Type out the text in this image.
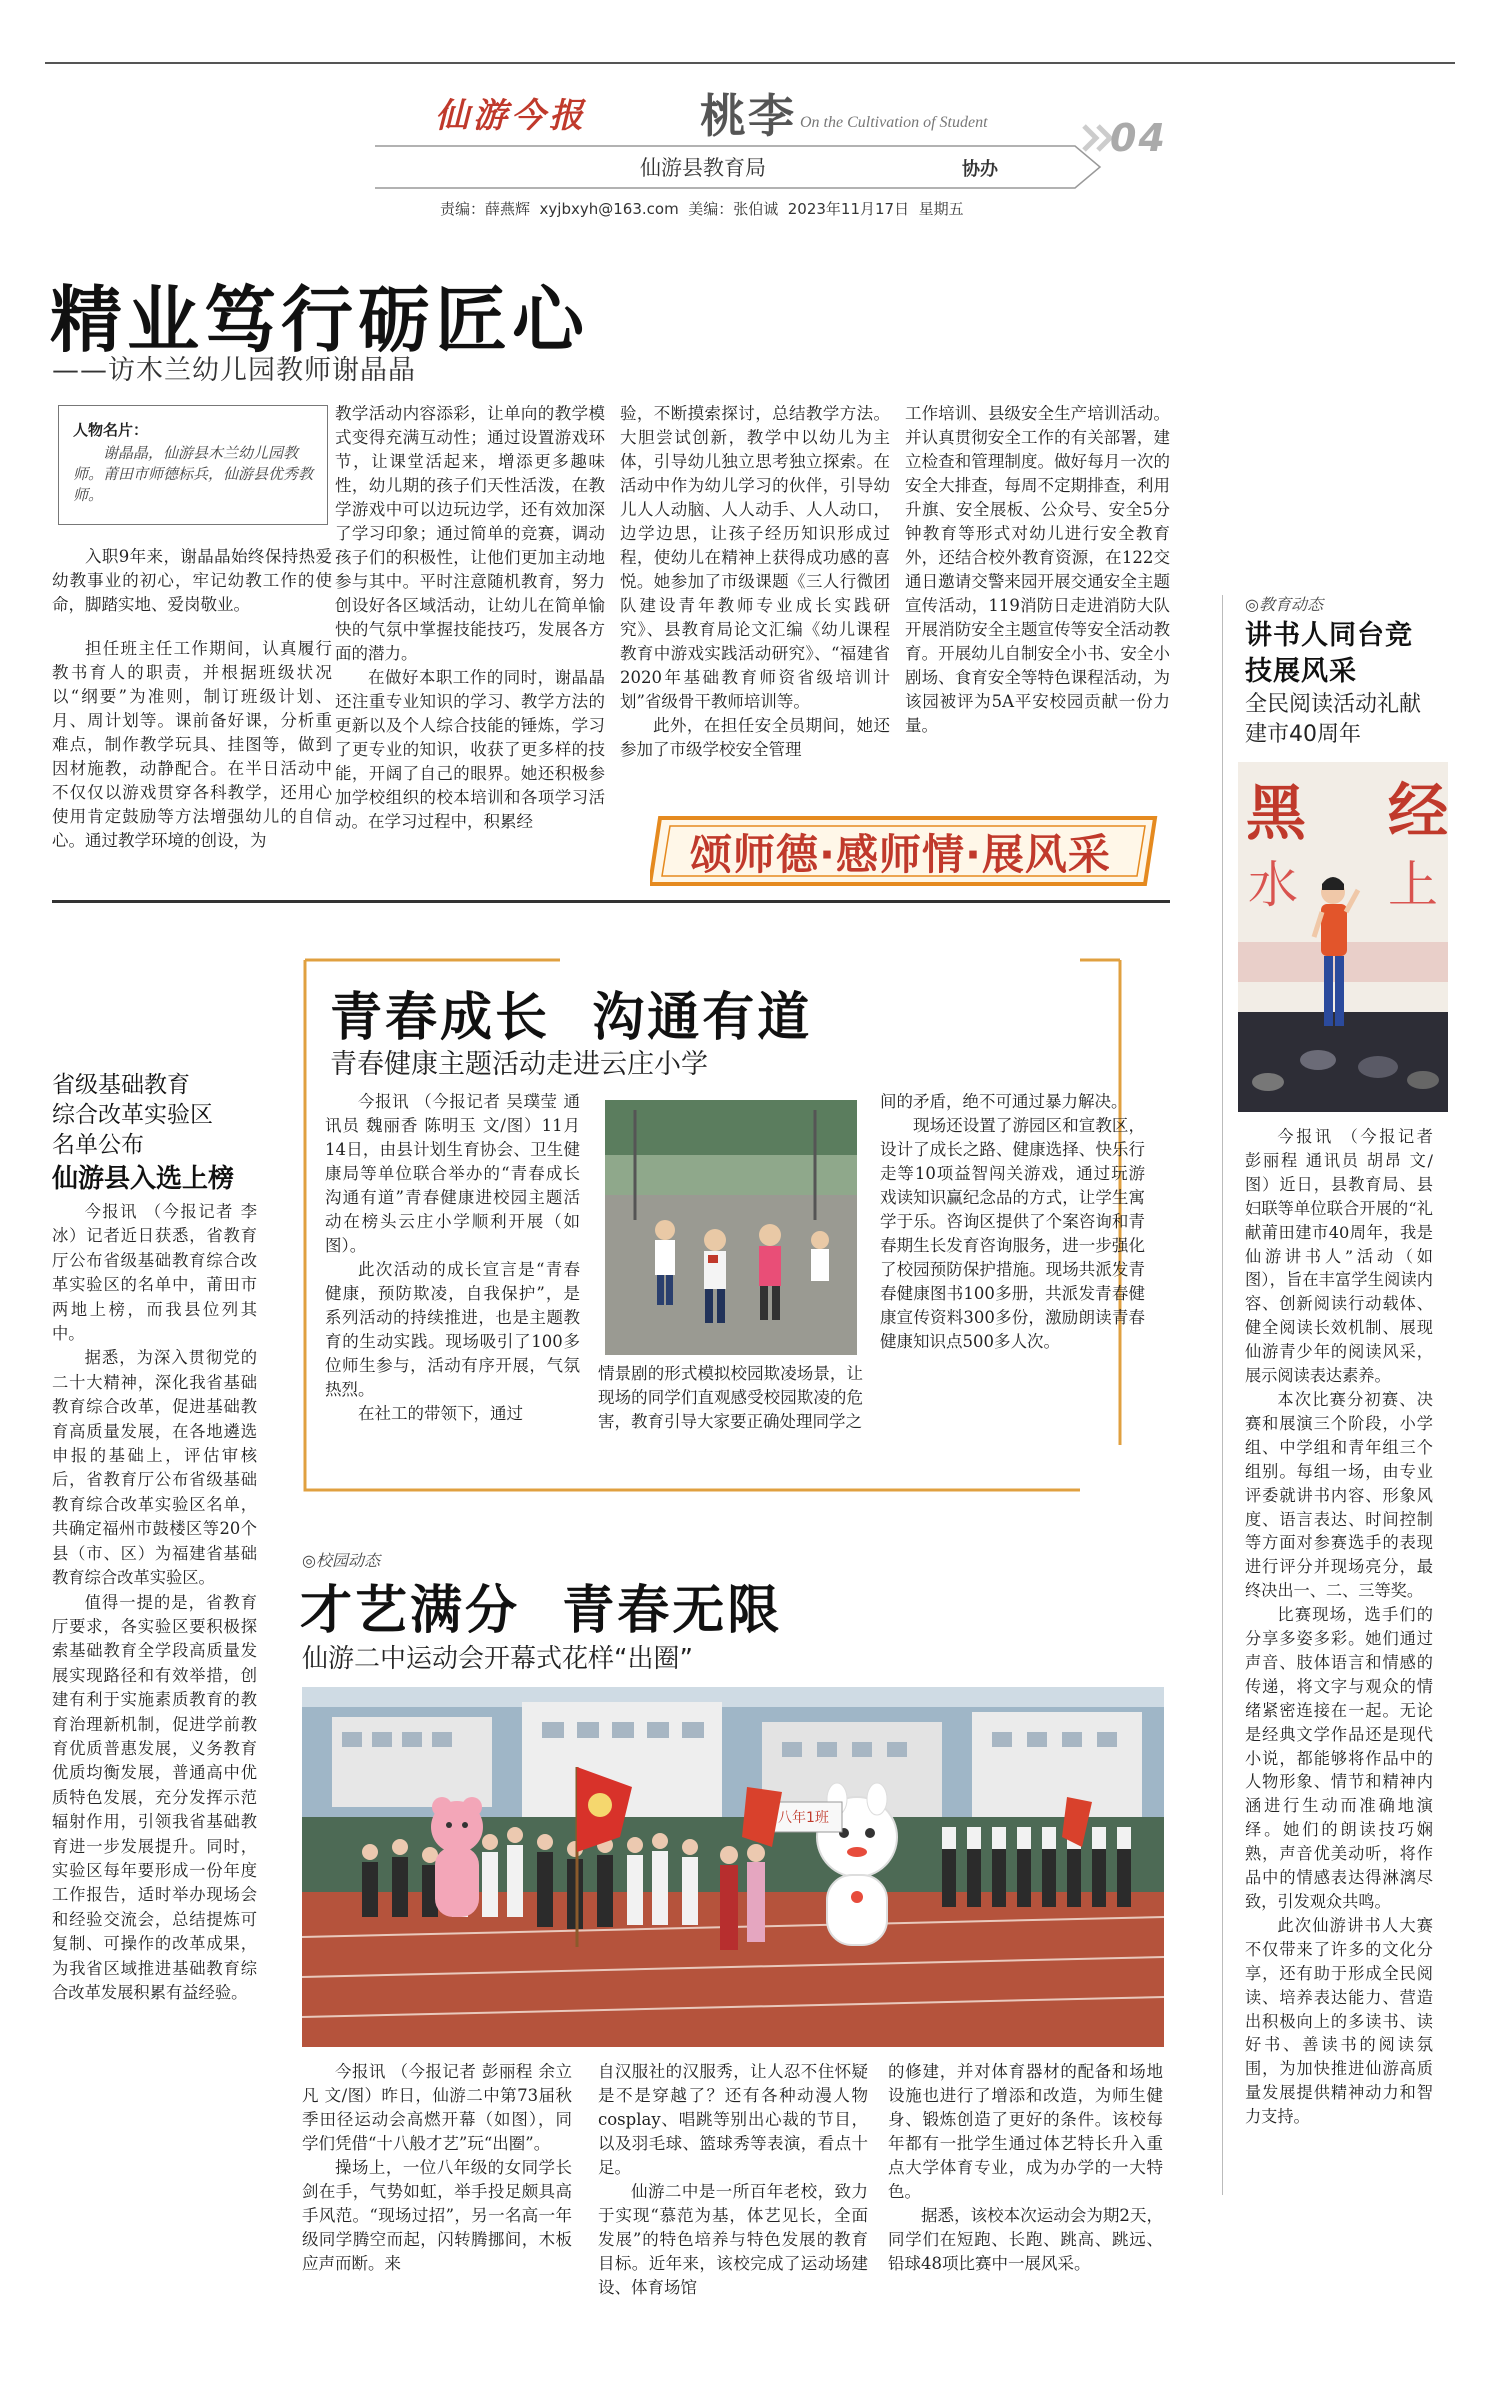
仙游今报 桃李 On the Cultivation of Student	04
仙游县教育局	协办
责编：薛燕辉  xyjbxyh@163.com  美编：张伯诚  2023年11月17日  星期五
精业笃行砺匠心
——访木兰幼儿园教师谢晶晶
人物名片：
谢晶晶，仙游县木兰幼儿园教师。莆田市师德标兵，仙游县优秀教师。

入职9年来，谢晶晶始终保持热爱幼教事业的初心，牢记幼教工作的使命，脚踏实地、爱岗敬业。

担任班主任工作期间，认真履行教书育人的职责，并根据班级状况以“纲要”为准则，制订班级计划、月、周计划等。课前备好课，分析重难点，制作教学玩具、挂图等，做到因材施教，动静配合。在半日活动中不仅仅以游戏贯穿各科教学，还用心使用肯定鼓励等方法增强幼儿的自信心。通过教学环境的创设，为

教学活动内容添彩，让单向的教学模式变得充满互动性；通过设置游戏环节，让课堂活起来，增添更多趣味性，幼儿期的孩子们天性活泼，在教学游戏中可以边玩边学，还有效加深了学习印象；通过简单的竞赛，调动孩子们的积极性，让他们更加主动地参与其中。平时注意随机教育，努力创设好各区域活动，让幼儿在简单愉快的气氛中掌握技能技巧，发展各方面的潜力。

在做好本职工作的同时，谢晶晶还注重专业知识的学习、教学方法的更新以及个人综合技能的锤炼，学习了更专业的知识，收获了更多样的技能，开阔了自己的眼界。她还积极参加学校组织的校本培训和各项学习活动。在学习过程中，积累经

验，不断摸索探讨，总结教学方法。大胆尝试创新，教学中以幼儿为主体，引导幼儿独立思考独立探索。在活动中作为幼儿学习的伙伴，引导幼儿人人动脑、人人动手、人人动口，边学边思，让孩子经历知识形成过程，使幼儿在精神上获得成功感的喜悦。她参加了市级课题《三人行微团队建设青年教师专业成长实践研究》、县教育局论文汇编《幼儿课程教育中游戏实践活动研究》、“福建省2020年基础教育师资省级培训计划”省级骨干教师培训等。

此外，在担任安全员期间，她还参加了市级学校安全管理

工作培训、县级安全生产培训活动。并认真贯彻安全工作的有关部署，建立检查和管理制度。做好每月一次的安全大排查，每周不定期排查，利用升旗、安全展板、公众号、安全5分钟教育等形式对幼儿进行安全教育外，还结合校外教育资源，在122交通日邀请交警来园开展交通安全主题宣传活动，119消防日走进消防大队开展消防安全主题宣传等安全活动教育。开展幼儿自制安全小书、安全小剧场、食育安全等特色课程活动，为该园被评为5A平安校园贡献一份力量。

颂师德·感师情·展风采
◎教育动态
讲书人同台竞技展风采
全民阅读活动礼献建市40周年
黑 经
水 上

今报讯 （今报记者 彭丽程 通讯员 胡昂 文/图）近日，县教育局、县妇联等单位联合开展的“礼献莆田建市40周年，我是仙游讲书人”活动（如图），旨在丰富学生阅读内容、创新阅读行动载体、健全阅读长效机制、展现仙游青少年的阅读风采，展示阅读表达素养。

本次比赛分初赛、决赛和展演三个阶段，小学组、中学组和青年组三个组别。每组一场，由专业评委就讲书内容、形象风度、语言表达、时间控制等方面对参赛选手的表现进行评分并现场亮分，最终决出一、二、三等奖。

比赛现场，选手们的分享多姿多彩。她们通过声音、肢体语言和情感的传递，将文字与观众的情绪紧密连接在一起。无论是经典文学作品还是现代小说，都能够将作品中的人物形象、情节和精神内涵进行生动而准确地演绎。她们的朗读技巧娴熟，声音优美动听，将作品中的情感表达得淋漓尽致，引发观众共鸣。

此次仙游讲书人大赛不仅带来了许多的文化分享，还有助于形成全民阅读、培养表达能力、营造出积极向上的多读书、读好书、善读书的阅读氛围，为加快推进仙游高质量发展提供精神动力和智力支持。

青春成长  沟通有道
青春健康主题活动走进云庄小学

今报讯 （今报记者 吴璞莹 通讯员 魏丽香 陈明玉 文/图）11月14日，由县计划生育协会、卫生健康局等单位联合举办的“青春成长沟通有道”青春健康进校园主题活动在榜头云庄小学顺利开展（如图）。

此次活动的成长宣言是“青春健康，预防欺凌，自我保护”，是系列活动的持续推进，也是主题教育的生动实践。现场吸引了100多位师生参与，活动有序开展，气氛热烈。

在社工的带领下，通过

情景剧的形式模拟校园欺凌场景，让现场的同学们直观感受校园欺凌的危害，教育引导大家要正确处理同学之

间的矛盾，绝不可通过暴力解决。

现场还设置了游园区和宣教区，设计了成长之路、健康选择、快乐行走等10项益智闯关游戏，通过玩游戏读知识赢纪念品的方式，让学生寓学于乐。咨询区提供了个案咨询和青春期生长发育咨询服务，进一步强化了校园预防保护措施。现场共派发青春健康图书100多册，共派发青春健康宣传资料300多份，激励朗读青春健康知识点500多人次。

省级基础教育
综合改革实验区
名单公布
仙游县入选上榜

今报讯 （今报记者 李冰）记者近日获悉，省教育厅公布省级基础教育综合改革实验区的名单中，莆田市两地上榜，而我县位列其中。

据悉，为深入贯彻党的二十大精神，深化我省基础教育综合改革，促进基础教育高质量发展，在各地遴选申报的基础上，评估审核后，省教育厅公布省级基础教育综合改革实验区名单，共确定福州市鼓楼区等20个县（市、区）为福建省基础教育综合改革实验区。

值得一提的是，省教育厅要求，各实验区要积极探索基础教育全学段高质量发展实现路径和有效举措，创建有利于实施素质教育的教育治理新机制，促进学前教育优质普惠发展，义务教育优质均衡发展，普通高中优质特色发展，充分发挥示范辐射作用，引领我省基础教育进一步发展提升。同时，实验区每年要形成一份年度工作报告，适时举办现场会和经验交流会，总结提炼可复制、可操作的改革成果，为我省区域推进基础教育综合改革发展积累有益经验。

◎校园动态
才艺满分  青春无限
仙游二中运动会开幕式花样“出圈”
八年1班

今报讯 （今报记者 彭丽程 余立凡 文/图）昨日，仙游二中第73届秋季田径运动会高燃开幕（如图），同学们凭借“十八般才艺”玩“出圈”。

操场上，一位八年级的女同学长剑在手，气势如虹，举手投足颇具高手风范。“现场过招”，另一名高一年级同学腾空而起，闪转腾挪间，木板应声而断。来

自汉服社的汉服秀，让人忍不住怀疑是不是穿越了？还有各种动漫人物cosplay、唱跳等别出心裁的节目，以及羽毛球、篮球秀等表演，看点十足。

仙游二中是一所百年老校，致力于实现“慕范为基，体艺见长，全面发展”的特色培养与特色发展的教育目标。近年来，该校完成了运动场建设、体育场馆

的修建，并对体育器材的配备和场地设施也进行了增添和改造，为师生健身、锻炼创造了更好的条件。该校每年都有一批学生通过体艺特长升入重点大学体育专业，成为办学的一大特色。

据悉，该校本次运动会为期2天，同学们在短跑、长跑、跳高、跳远、铅球48项比赛中一展风采。
